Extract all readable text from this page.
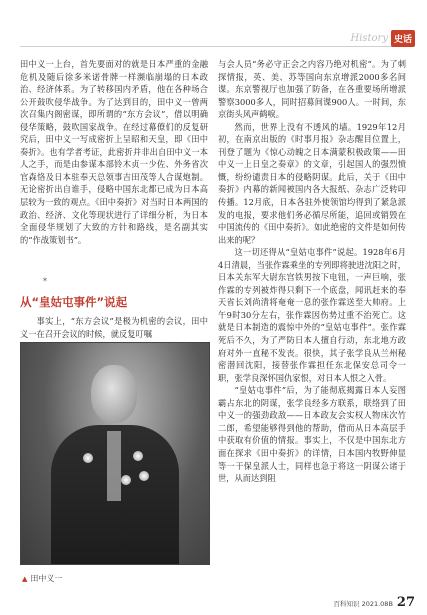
History 史话

田中义一上台，首先要面对的就是日本严重的金融危机及随后徐多米诺骨牌一样濒临崩塌的日本政治、经济体系。为了转移国内矛盾，他在各种场合公开鼓吹侵华战争。为了达到目的，田中义一曾两次召集内阁密谋，即所谓的“东方会议”，借以明确侵华策略，鼓吹国家战争。在经过幕僚们的反复研究后，田中义一写成密折上呈昭和天皇，即《田中奏折》。也有学者考证，此密折并非出自田中义一本人之手，而是由参谋本部铃木贞一少佐、外务省次官森恪及日本驻奉天总领事吉田茂等人合谋炮制。无论密折出自谁手，侵略中国东北都已成为日本高层较为一致的观点。《田中奏折》对当时日本两国的政治、经济、文化等现状进行了详细分析，为日本全面侵华规划了大致的方针和路线，是名副其实的“作战策划书”。

*
从“皇姑屯事件”说起

事实上，“东方会议”是极为机密的会议，田中义一在召开会议的时候，就反复叮嘱

▲ 田中义一

与会人员“务必守正会之内容乃绝对机密”。为了刺探情报，英、美、苏等国向东京增派2000多名间谍。东京警视厅也加强了防备，在各重要场所增派警察3000多人，同时招募间谍900人。一时间，东京街头风声鹤唳。

然而，世界上没有不透风的墙。1929年12月初，在南京出版的《时事月报》杂志醒目位置上，刊登了题为《惊心动魄之日本满蒙积极政策——田中义一上日皇之奏章》的文章，引起国人的强烈愤慨，纷纷谴责日本的侵略阴谋。此后，关于《田中奏折》内幕的新闻被国内各大报纸、杂志广泛转印传播。12月底，日本各驻外使领馆均得到了紧急派发的电报，要求他们务必循尽所能，追回或销毁在中国流传的《田中奏折》。如此绝密的文件是如何传出来的呢？

这一切还得从“皇姑屯事件”说起。1928年6月4日清晨，当张作霖乘坐的专列即将驶进沈阳之时，日本关东军大尉东宫铁男按下电钮，一声巨响，张作霖的专列被炸得只剩下一个底盘，闻讯赶来的奉天省长刘尚清将奄奄一息的张作霖送至大帅府。上午9时30分左右，张作霖因伤势过重不治死亡。这就是日本制造的震惊中外的“皇姑屯事件”。张作霖死后不久，为了严防日本人擅自行动，东北地方政府对外一直秘不发丧。很快，其子张学良从兰州秘密潜回沈阳，接替张作霖担任东北保安总司令一职，张学良深怀国仇家恨，对日本人恨之入骨。

“皇姑屯事件”后，为了能彻底揭露日本人妄图霸占东北的阴谋，张学良经多方联系，联络到了田中义一的强劲政敌——日本政友会实权人物床次竹二郎，希望能够得到他的帮助，借而从日本高层手中获取有价值的情报。事实上，不仅是中国东北方面在探求《田中奏折》的详情，日本国内牧野伸显等一干保皇派人士，同样也急于将这一阴谋公诸于世，从而达到阻

百科知识 2021.08B 27
